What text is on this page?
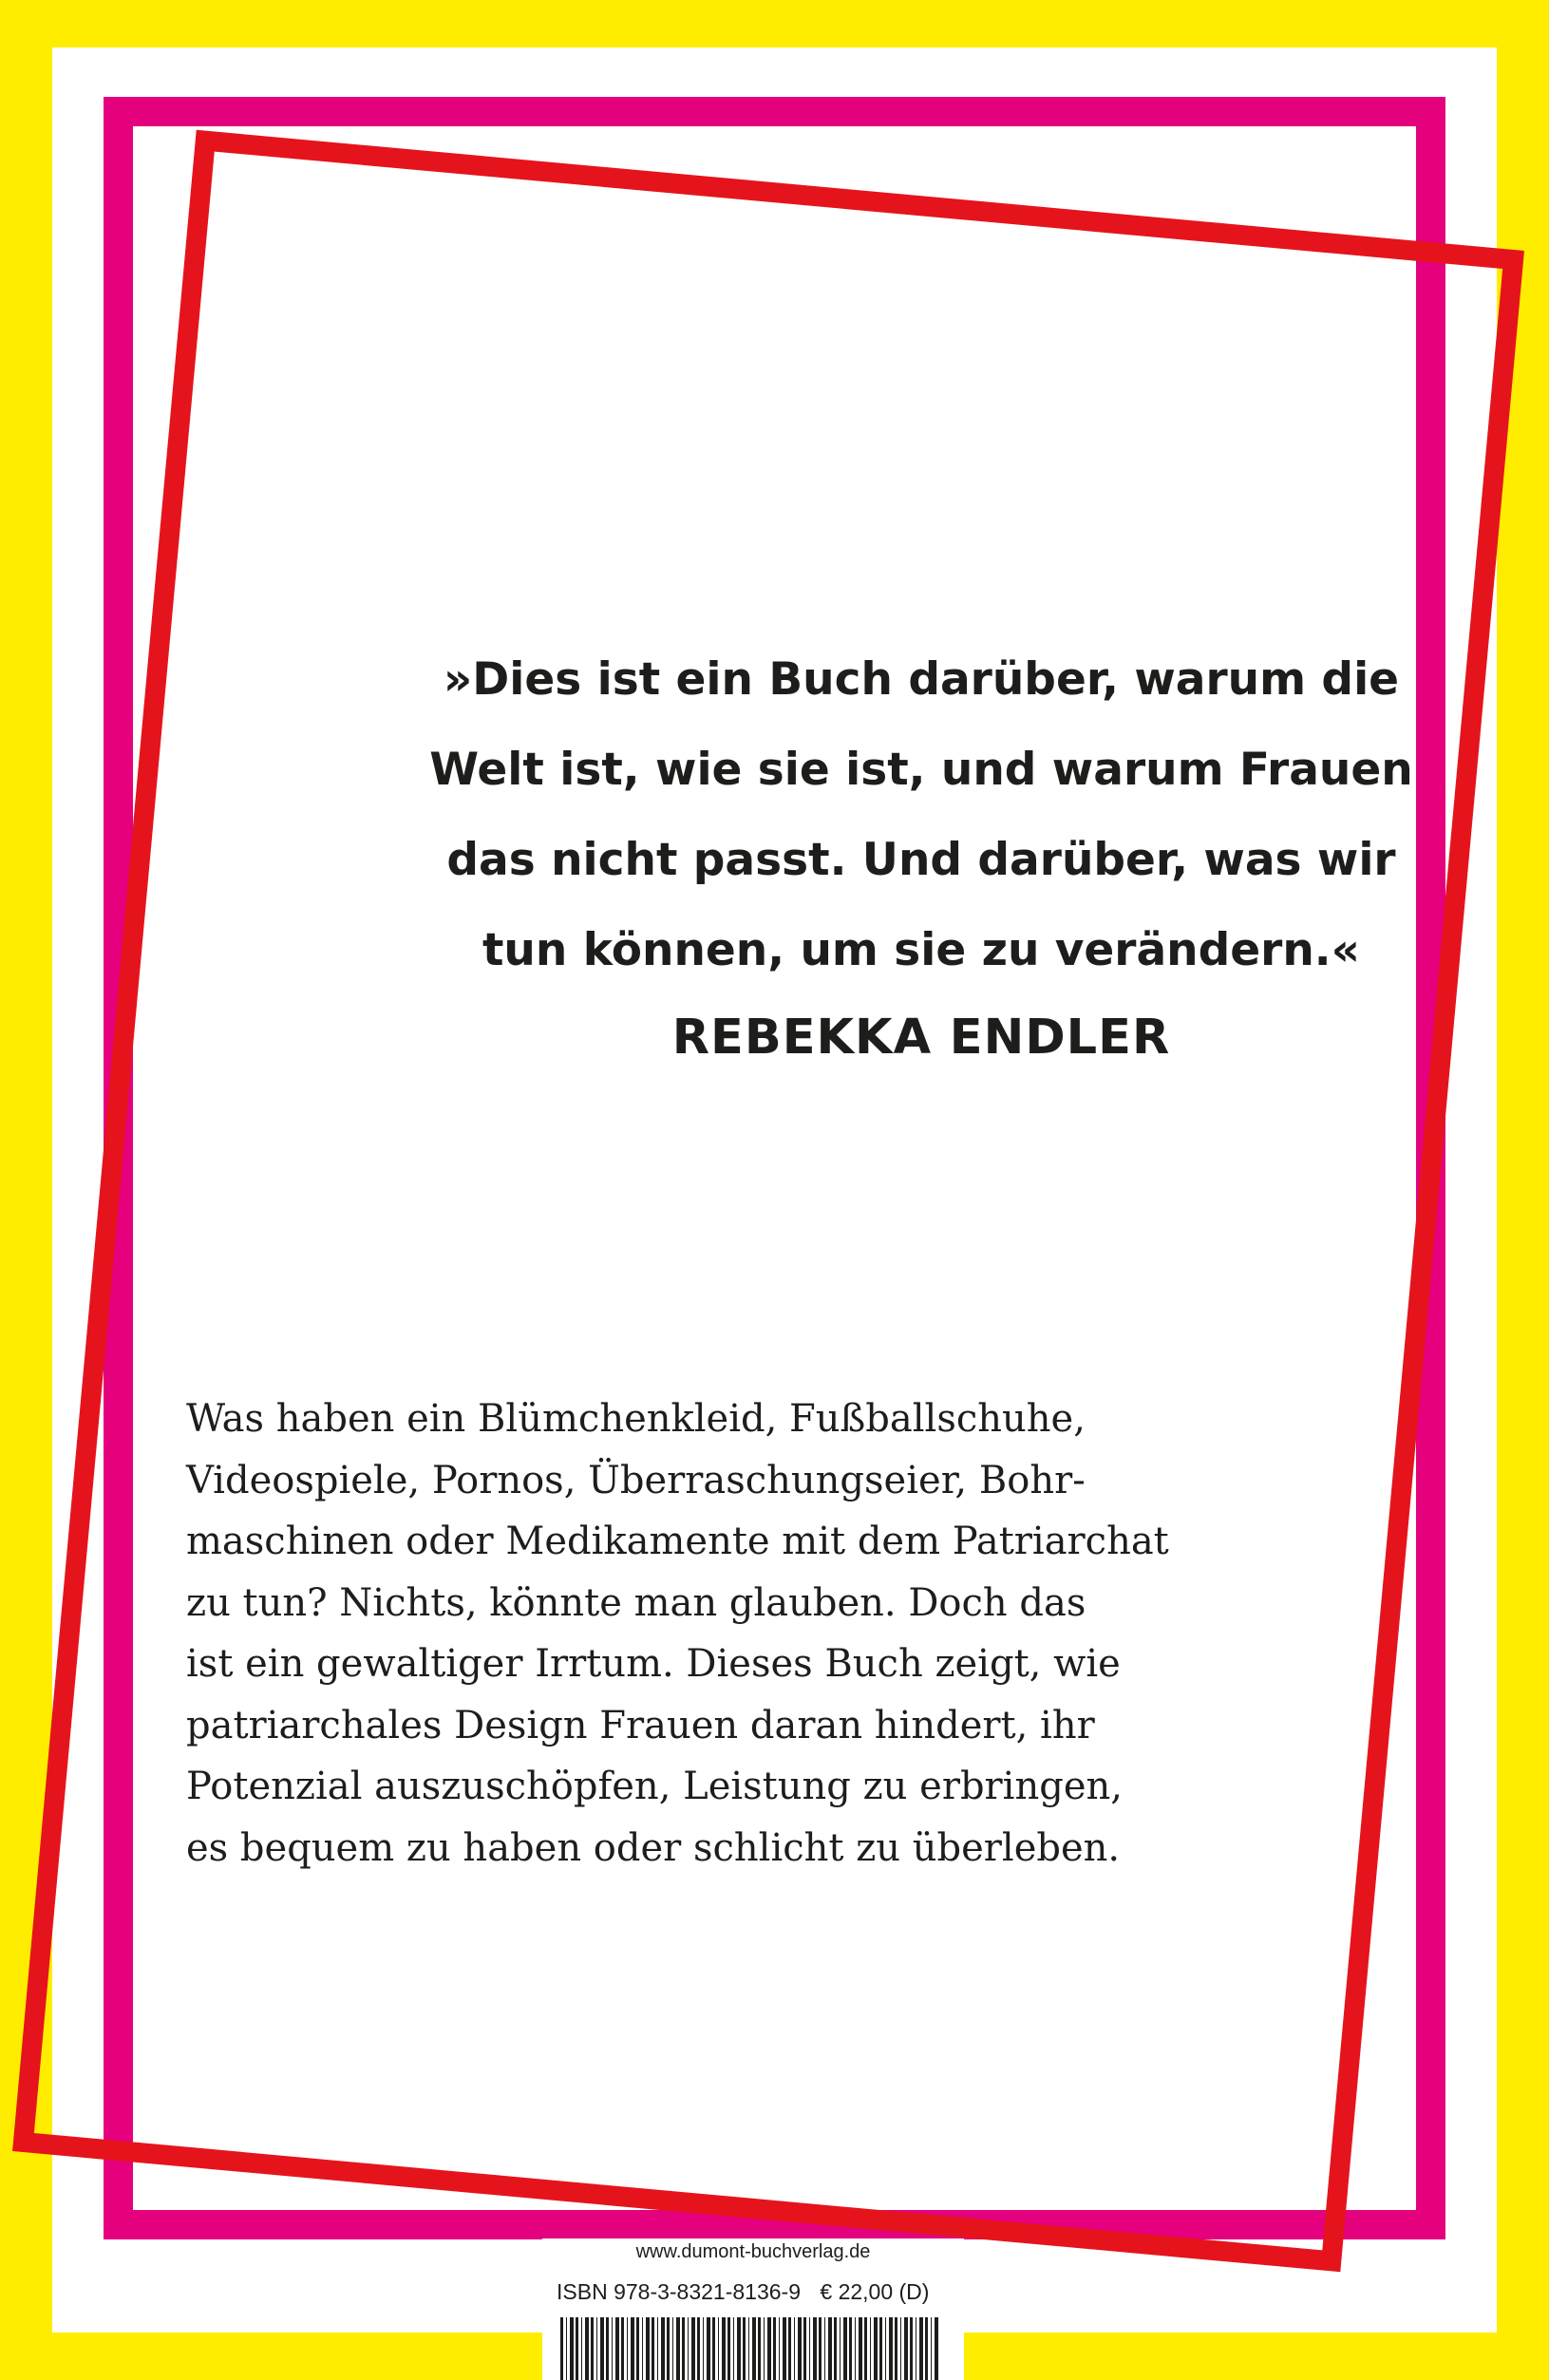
»Dies ist ein Buch darüber, warum die
Welt ist, wie sie ist, und warum Frauen
das nicht passt. Und darüber, was wir
tun können, um sie zu verändern.«

REBEKKA ENDLER

Was haben ein Blümchenkleid, Fußballschuhe,
Videospiele, Pornos, Überraschungseier, Bohr-
maschinen oder Medikamente mit dem Patriarchat
zu tun? Nichts, könnte man glauben. Doch das
ist ein gewaltiger Irrtum. Dieses Buch zeigt, wie
patriarchales Design Frauen daran hindert, ihr
Potenzial auszuschöpfen, Leistung zu erbringen,
es bequem zu haben oder schlicht zu überleben.

www.dumont-buchverlag.de
ISBN 978-3-8321-8136-9 € 22,00 (D)
